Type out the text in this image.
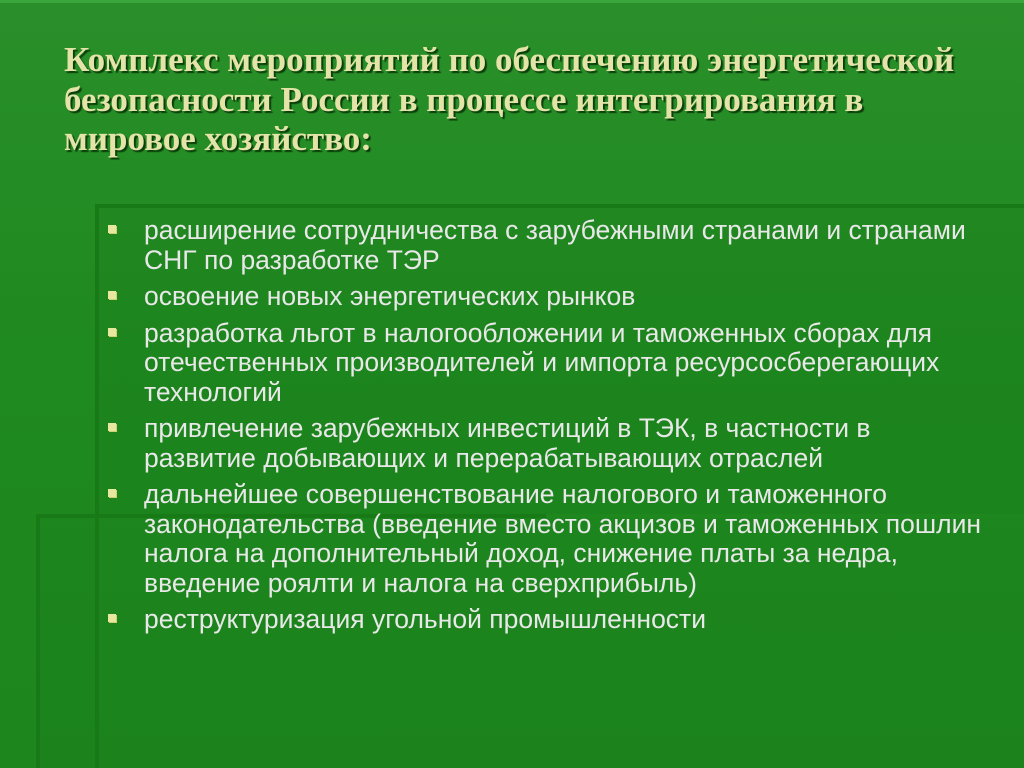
Комплекс мероприятий по обеспечению энергетической безопасности России в процессе интегрирования в мировое хозяйство:
расширение сотрудничества с зарубежными странами и странами СНГ по разработке ТЭР
освоение новых энергетических рынков
разработка льгот в налогообложении и таможенных сборах для отечественных производителей и импорта ресурсосберегающих технологий
привлечение зарубежных инвестиций в ТЭК, в частности в развитие добывающих и перерабатывающих отраслей
дальнейшее совершенствование налогового и таможенного законодательства (введение вместо акцизов и таможенных пошлин налога на дополнительный доход, снижение платы за недра, введение роялти и налога на сверхприбыль)
реструктуризация угольной промышленности
